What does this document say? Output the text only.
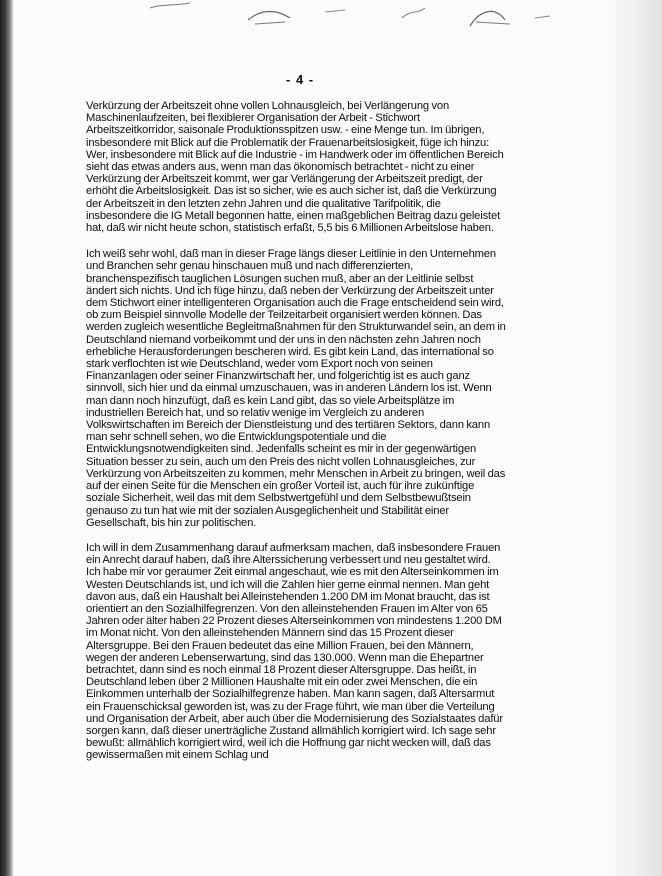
- 4 -

Verkürzung der Arbeitszeit ohne vollen Lohnausgleich, bei Verlängerung von Maschinenlaufzeiten, bei flexiblerer Organisation der Arbeit - Stichwort Arbeitszeitkorridor, saisonale Produktionsspitzen usw. - eine Menge tun. Im übrigen, insbesondere mit Blick auf die Problematik der Frauenarbeitslosigkeit, füge ich hinzu: Wer, insbesondere mit Blick auf die Industrie - im Handwerk oder im öffentlichen Bereich sieht das etwas anders aus, wenn man das ökonomisch betrachtet - nicht zu einer Verkürzung der Arbeitszeit kommt, wer gar Verlängerung der Arbeitszeit predigt, der erhöht die Arbeitslosigkeit. Das ist so sicher, wie es auch sicher ist, daß die Verkürzung der Arbeitszeit in den letzten zehn Jahren und die qualitative Tarifpolitik, die insbesondere die IG Metall begonnen hatte, einen maßgeblichen Beitrag dazu geleistet hat, daß wir nicht heute schon, statistisch erfaßt, 5,5 bis 6 Millionen Arbeitslose haben.

Ich weiß sehr wohl, daß man in dieser Frage längs dieser Leitlinie in den Unternehmen und Branchen sehr genau hinschauen muß und nach differenzierten, branchenspezifisch tauglichen Lösungen suchen muß, aber an der Leitlinie selbst ändert sich nichts. Und ich füge hinzu, daß neben der Verkürzung der Arbeitszeit unter dem Stichwort einer intelligenteren Organisation auch die Frage entscheidend sein wird, ob zum Beispiel sinnvolle Modelle der Teilzeitarbeit organisiert werden können. Das werden zugleich wesentliche Begleitmaßnahmen für den Strukturwandel sein, an dem in Deutschland niemand vorbeikommt und der uns in den nächsten zehn Jahren noch erhebliche Herausforderungen bescheren wird. Es gibt kein Land, das international so stark verflochten ist wie Deutschland, weder vom Export noch von seinen Finanzanlagen oder seiner Finanzwirtschaft her, und folgerichtig ist es auch ganz sinnvoll, sich hier und da einmal umzuschauen, was in anderen Ländern los ist. Wenn man dann noch hinzufügt, daß es kein Land gibt, das so viele Arbeitsplätze im industriellen Bereich hat, und so relativ wenige im Vergleich zu anderen Volkswirtschaften im Bereich der Dienstleistung und des tertiären Sektors, dann kann man sehr schnell sehen, wo die Entwicklungspotentiale und die Entwicklungsnotwendigkeiten sind. Jedenfalls scheint es mir in der gegenwärtigen Situation besser zu sein, auch um den Preis des nicht vollen Lohnausgleiches, zur Verkürzung von Arbeitszeiten zu kommen, mehr Menschen in Arbeit zu bringen, weil das auf der einen Seite für die Menschen ein großer Vorteil ist, auch für ihre zukünftige soziale Sicherheit, weil das mit dem Selbstwertgefühl und dem Selbstbewußtsein genauso zu tun hat wie mit der sozialen Ausgeglichenheit und Stabilität einer Gesellschaft, bis hin zur politischen.

Ich will in dem Zusammenhang darauf aufmerksam machen, daß insbesondere Frauen ein Anrecht darauf haben, daß ihre Alterssicherung verbessert und neu gestaltet wird. Ich habe mir vor geraumer Zeit einmal angeschaut, wie es mit den Alterseinkommen im Westen Deutschlands ist, und ich will die Zahlen hier gerne einmal nennen. Man geht davon aus, daß ein Haushalt bei Alleinstehenden 1.200 DM im Monat braucht, das ist orientiert an den Sozialhilfegrenzen. Von den alleinstehenden Frauen im Alter von 65 Jahren oder älter haben 22 Prozent dieses Alterseinkommen von mindestens 1.200 DM im Monat nicht. Von den alleinstehenden Männern sind das 15 Prozent dieser Altersgruppe. Bei den Frauen bedeutet das eine Million Frauen, bei den Männern, wegen der anderen Lebenserwartung, sind das 130.000. Wenn man die Ehepartner betrachtet, dann sind es noch einmal 18 Prozent dieser Altersgruppe. Das heißt, in Deutschland leben über 2 Millionen Haushalte mit ein oder zwei Menschen, die ein Einkommen unterhalb der Sozialhilfegrenze haben. Man kann sagen, daß Altersarmut ein Frauenschicksal geworden ist, was zu der Frage führt, wie man über die Verteilung und Organisation der Arbeit, aber auch über die Modernisierung des Sozialstaates dafür sorgen kann, daß dieser unerträgliche Zustand allmählich korrigiert wird. Ich sage sehr bewußt: allmählich korrigiert wird, weil ich die Hoffnung gar nicht wecken will, daß das gewissermaßen mit einem Schlag und
